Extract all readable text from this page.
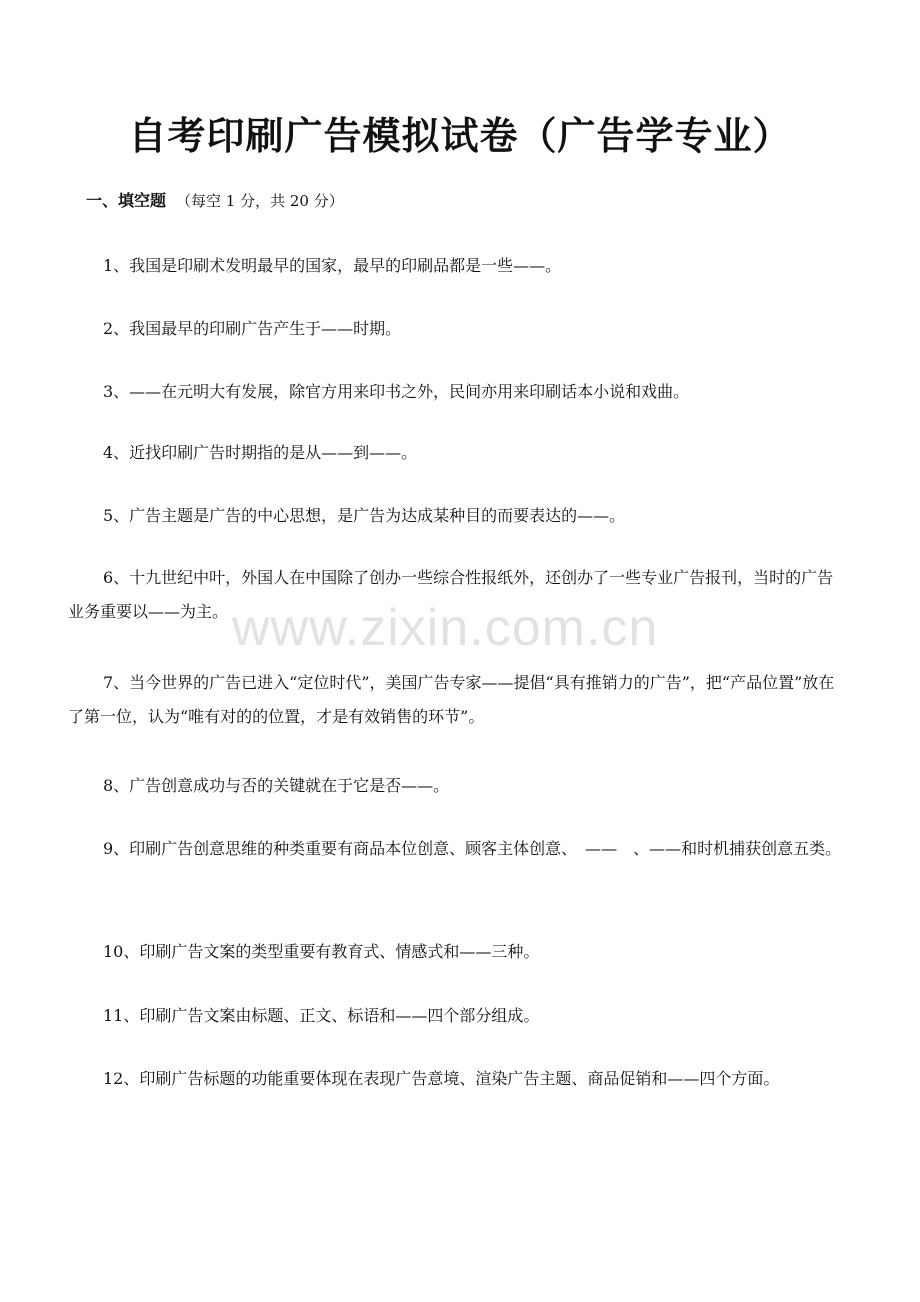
自考印刷广告模拟试卷（广告学专业）

一、填空题 （每空 1 分，共 20 分）

1、我国是印刷术发明最早的国家，最早的印刷品都是一些——。

2、我国最早的印刷广告产生于——时期。

3、——在元明大有发展，除官方用来印书之外，民间亦用来印刷话本小说和戏曲。

4、近找印刷广告时期指的是从——到——。

5、广告主题是广告的中心思想，是广告为达成某种目的而要表达的——。

6、十九世纪中叶，外国人在中国除了创办一些综合性报纸外，还创办了一些专业广告报刊，当时的广告业务重要以——为主。

7、当今世界的广告已进入“定位时代”，美国广告专家——提倡“具有推销力的广告”，把“产品位置”放在了第一位，认为“唯有对的的位置，才是有效销售的环节”。

8、广告创意成功与否的关键就在于它是否——。

9、印刷广告创意思维的种类重要有商品本位创意、顾客主体创意、　——　、——和时机捕获创意五类。

10、印刷广告文案的类型重要有教育式、情感式和——三种。

11、印刷广告文案由标题、正文、标语和——四个部分组成。

12、印刷广告标题的功能重要体现在表现广告意境、渲染广告主题、商品促销和——四个方面。

www.zixin.com.cn
